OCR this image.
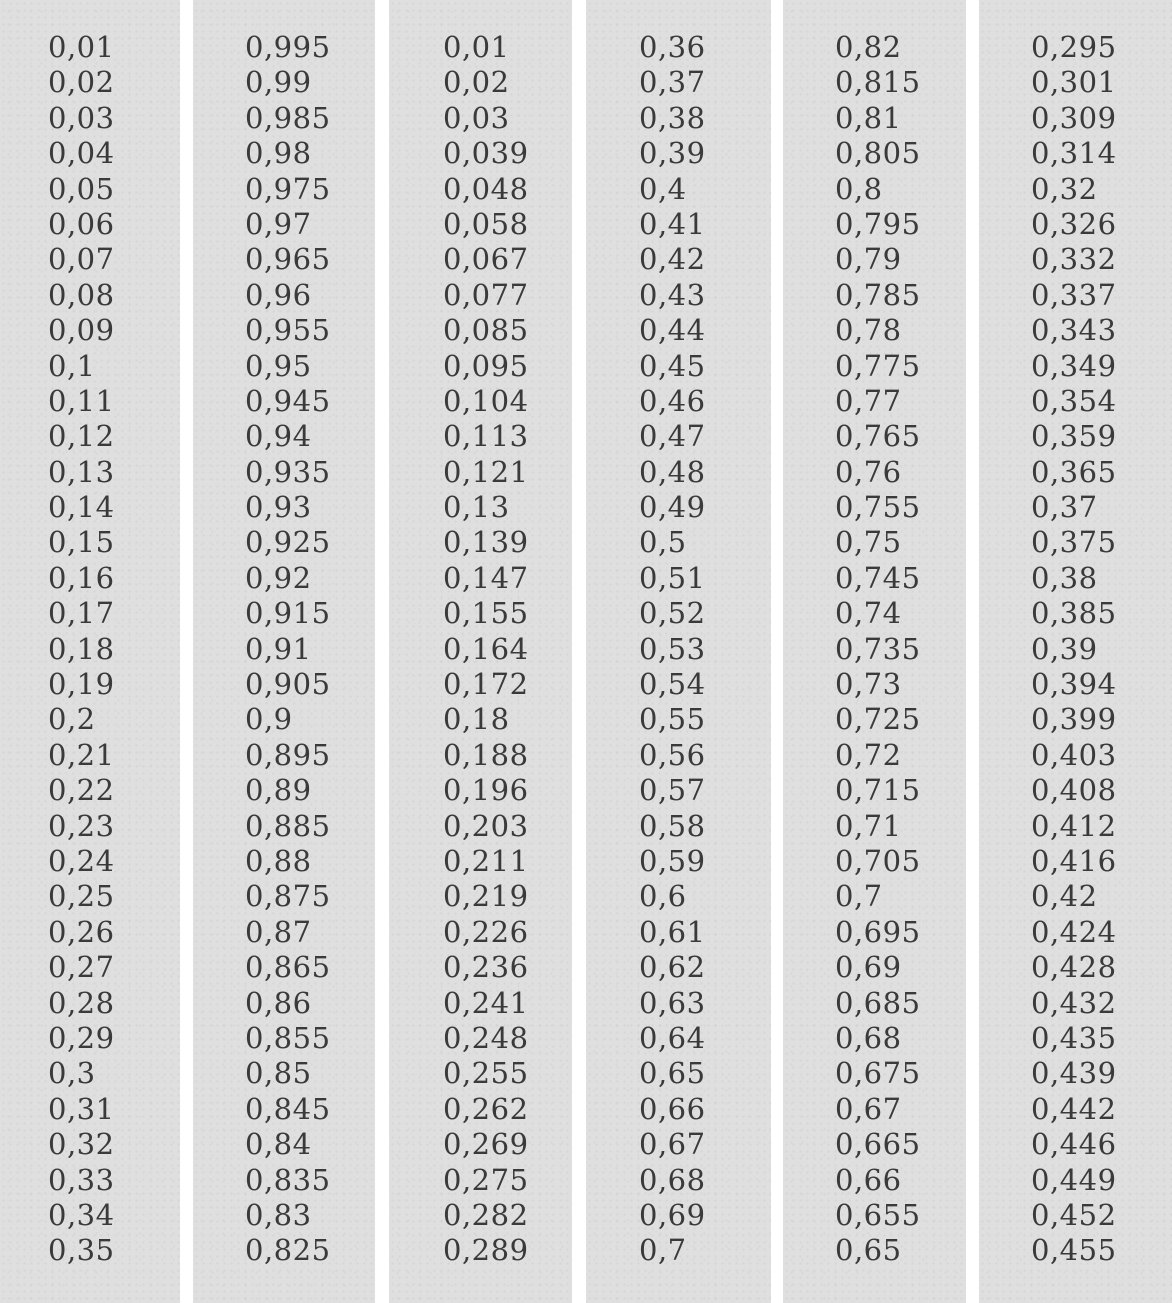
0,01
0,02
0,03
0,04
0,05
0,06
0,07
0,08
0,09
0,1
0,11
0,12
0,13
0,14
0,15
0,16
0,17
0,18
0,19
0,2
0,21
0,22
0,23
0,24
0,25
0,26
0,27
0,28
0,29
0,3
0,31
0,32
0,33
0,34
0,35
0,995
0,99
0,985
0,98
0,975
0,97
0,965
0,96
0,955
0,95
0,945
0,94
0,935
0,93
0,925
0,92
0,915
0,91
0,905
0,9
0,895
0,89
0,885
0,88
0,875
0,87
0,865
0,86
0,855
0,85
0,845
0,84
0,835
0,83
0,825
0,01
0,02
0,03
0,039
0,048
0,058
0,067
0,077
0,085
0,095
0,104
0,113
0,121
0,13
0,139
0,147
0,155
0,164
0,172
0,18
0,188
0,196
0,203
0,211
0,219
0,226
0,236
0,241
0,248
0,255
0,262
0,269
0,275
0,282
0,289
0,36
0,37
0,38
0,39
0,4
0,41
0,42
0,43
0,44
0,45
0,46
0,47
0,48
0,49
0,5
0,51
0,52
0,53
0,54
0,55
0,56
0,57
0,58
0,59
0,6
0,61
0,62
0,63
0,64
0,65
0,66
0,67
0,68
0,69
0,7
0,82
0,815
0,81
0,805
0,8
0,795
0,79
0,785
0,78
0,775
0,77
0,765
0,76
0,755
0,75
0,745
0,74
0,735
0,73
0,725
0,72
0,715
0,71
0,705
0,7
0,695
0,69
0,685
0,68
0,675
0,67
0,665
0,66
0,655
0,65
0,295
0,301
0,309
0,314
0,32
0,326
0,332
0,337
0,343
0,349
0,354
0,359
0,365
0,37
0,375
0,38
0,385
0,39
0,394
0,399
0,403
0,408
0,412
0,416
0,42
0,424
0,428
0,432
0,435
0,439
0,442
0,446
0,449
0,452
0,455
